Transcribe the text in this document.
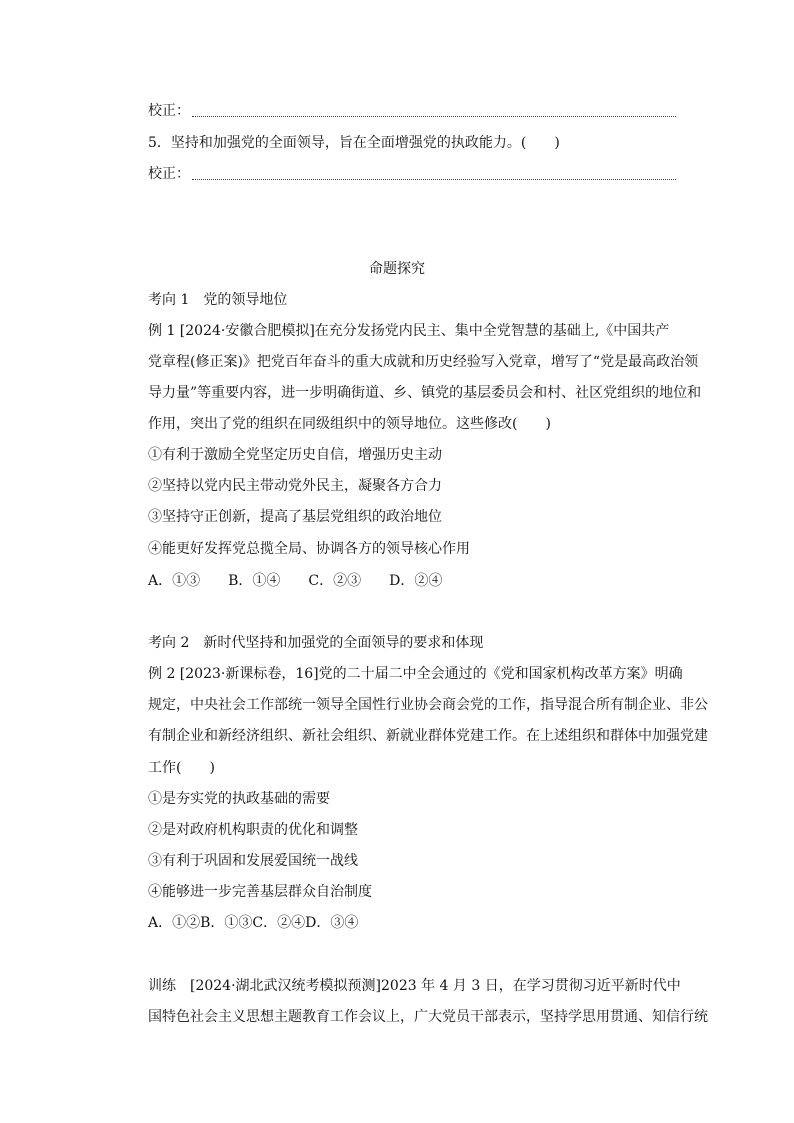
校正：
5．坚持和加强党的全面领导，旨在全面增强党的执政能力。(　　)
校正：
命题探究
考向 1　党的领导地位
例 1 [2024·安徽合肥模拟]在充分发扬党内民主、集中全党智慧的基础上,《中国共产
党章程(修正案)》把党百年奋斗的重大成就和历史经验写入党章，增写了“党是最高政治领
导力量”等重要内容，进一步明确街道、乡、镇党的基层委员会和村、社区党组织的地位和
作用，突出了党的组织在同级组织中的领导地位。这些修改(　　)
①有利于激励全党坚定历史自信，增强历史主动
②坚持以党内民主带动党外民主，凝聚各方合力
③坚持守正创新，提高了基层党组织的政治地位
④能更好发挥党总揽全局、协调各方的领导核心作用
A．①③　　B．①④　　C．②③　　D．②④
考向 2　新时代坚持和加强党的全面领导的要求和体现
例 2 [2023·新课标卷，16]党的二十届二中全会通过的《党和国家机构改革方案》明确
规定，中央社会工作部统一领导全国性行业协会商会党的工作，指导混合所有制企业、非公
有制企业和新经济组织、新社会组织、新就业群体党建工作。在上述组织和群体中加强党建
工作(　　)
①是夯实党的执政基础的需要
②是对政府机构职责的优化和调整
③有利于巩固和发展爱国统一战线
④能够进一步完善基层群众自治制度
A．①②B．①③C．②④D．③④
训练　[2024·湖北武汉统考模拟预测]2023 年 4 月 3 日，在学习贯彻习近平新时代中
国特色社会主义思想主题教育工作会议上，广大党员干部表示，坚持学思用贯通、知信行统
